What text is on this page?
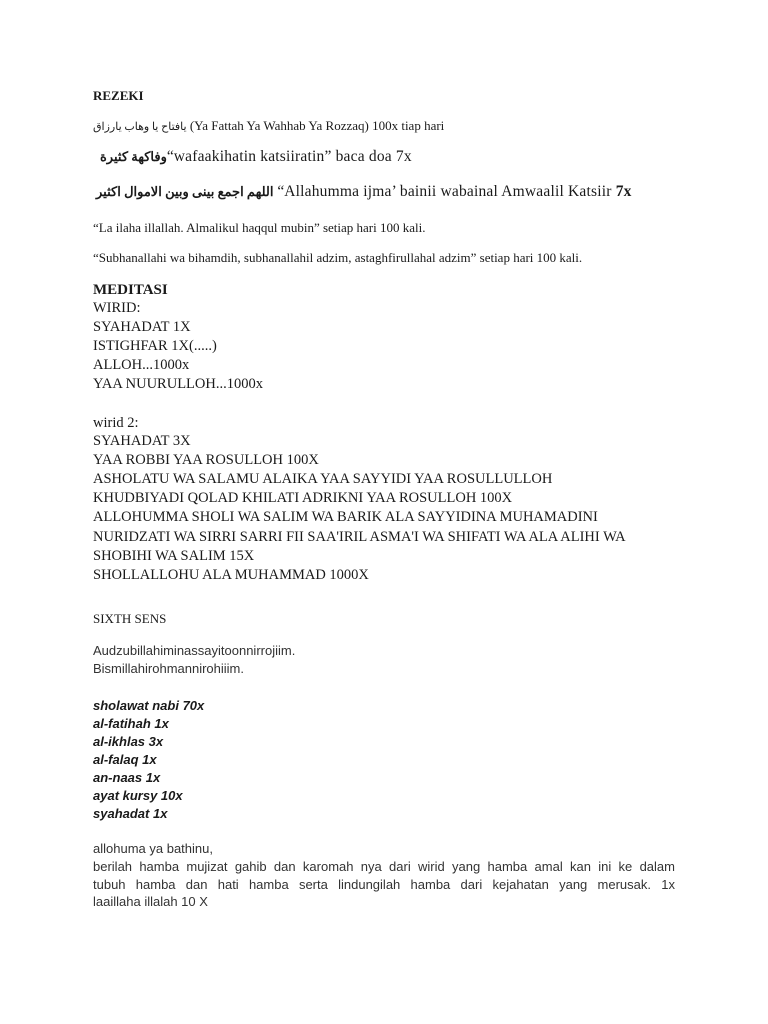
REZEKI
يافتاح يا وهاب يارزاق (Ya Fattah Ya Wahhab Ya Rozzaq) 100x tiap hari
وفاكهة كثيرة“wafaakihatin katsiiratin” baca doa 7x
اللهم اجمع بينى وبين الاموال اكثير “Allahumma ijma’ bainii wabainal Amwaalil Katsiir 7x
“La ilaha illallah. Almalikul haqqul mubin” setiap hari 100 kali.
“Subhanallahi wa bihamdih, subhanallahil adzim, astaghfirullahal adzim” setiap hari 100 kali.
MEDITASI
WIRID:
SYAHADAT 1X
ISTIGHFAR 1X(.....)
ALLOH...1000x
YAA NUURULLOH...1000x
wirid 2:
SYAHADAT 3X
YAA ROBBI YAA ROSULLOH 100X
ASHOLATU WA SALAMU ALAIKA YAA SAYYIDI YAA ROSULLULLOH
KHUDBIYADI QOLAD KHILATI ADRIKNI YAA ROSULLOH 100X
ALLOHUMMA SHOLI WA SALIM WA BARIK ALA SAYYIDINA MUHAMADINI
NURIDZATI WA SIRRI SARRI FII SAA'IRIL ASMA'I WA SHIFATI WA ALA ALIHI WA
SHOBIHI WA SALIM 15X
SHOLLALLOHU ALA MUHAMMAD 1000X
SIXTH SENS
Audzubillahiminassayitoonnirrojiim.
Bismillahirohmannirohiiim.
sholawat nabi 70x
al-fatihah 1x
al-ikhlas 3x
al-falaq 1x
an-naas 1x
ayat kursy 10x
syahadat 1x
allohuma ya bathinu,
berilah hamba mujizat gahib dan karomah nya dari wirid yang hamba amal kan ini ke dalam
tubuh hamba dan hati hamba serta lindungilah hamba dari kejahatan yang merusak. 1x
laaillaha illalah 10 X
